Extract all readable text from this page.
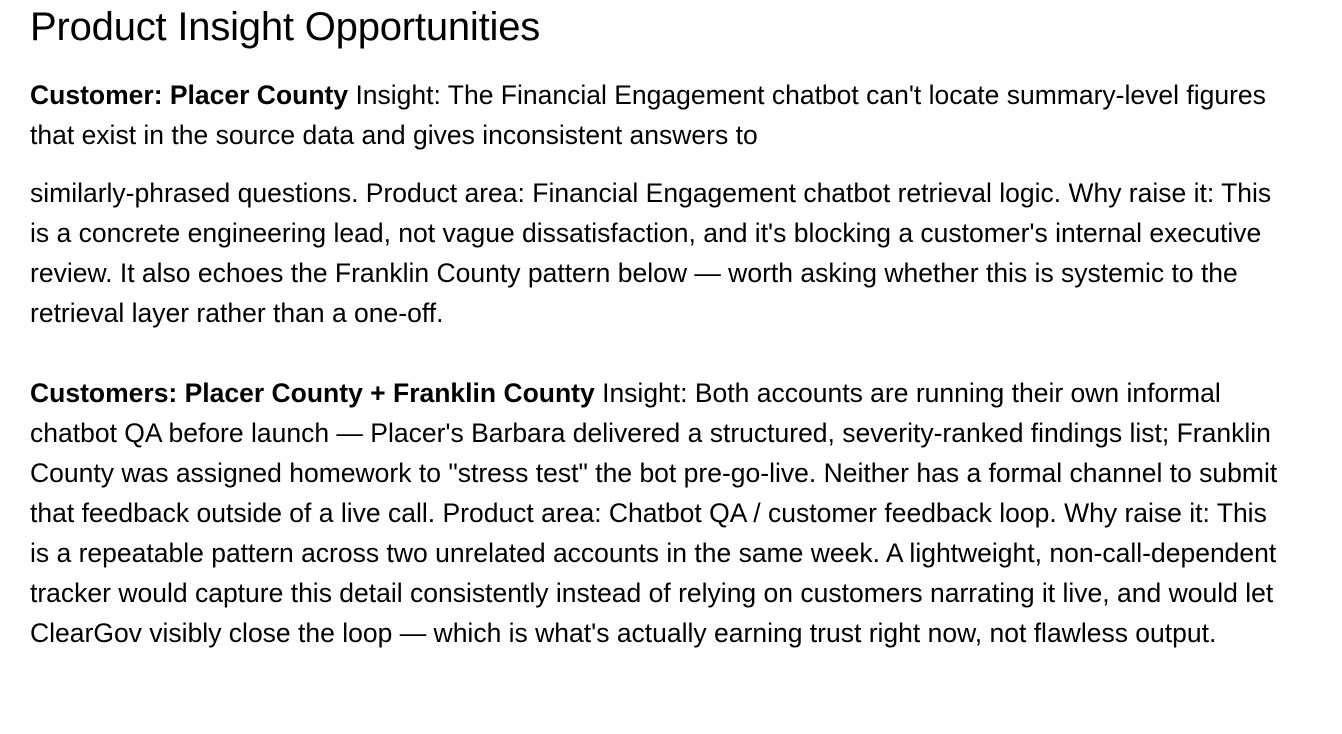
Product Insight Opportunities

Customer: Placer County Insight: The Financial Engagement chatbot can't locate summary-level figures that exist in the source data and gives inconsistent answers to

similarly-phrased questions. Product area: Financial Engagement chatbot retrieval logic. Why raise it: This is a concrete engineering lead, not vague dissatisfaction, and it's blocking a customer's internal executive review. It also echoes the Franklin County pattern below — worth asking whether this is systemic to the retrieval layer rather than a one-off.

Customers: Placer County + Franklin County Insight: Both accounts are running their own informal chatbot QA before launch — Placer's Barbara delivered a structured, severity-ranked findings list; Franklin County was assigned homework to "stress test" the bot pre-go-live. Neither has a formal channel to submit that feedback outside of a live call. Product area: Chatbot QA / customer feedback loop. Why raise it: This is a repeatable pattern across two unrelated accounts in the same week. A lightweight, non-call-dependent tracker would capture this detail consistently instead of relying on customers narrating it live, and would let ClearGov visibly close the loop — which is what's actually earning trust right now, not flawless output.
